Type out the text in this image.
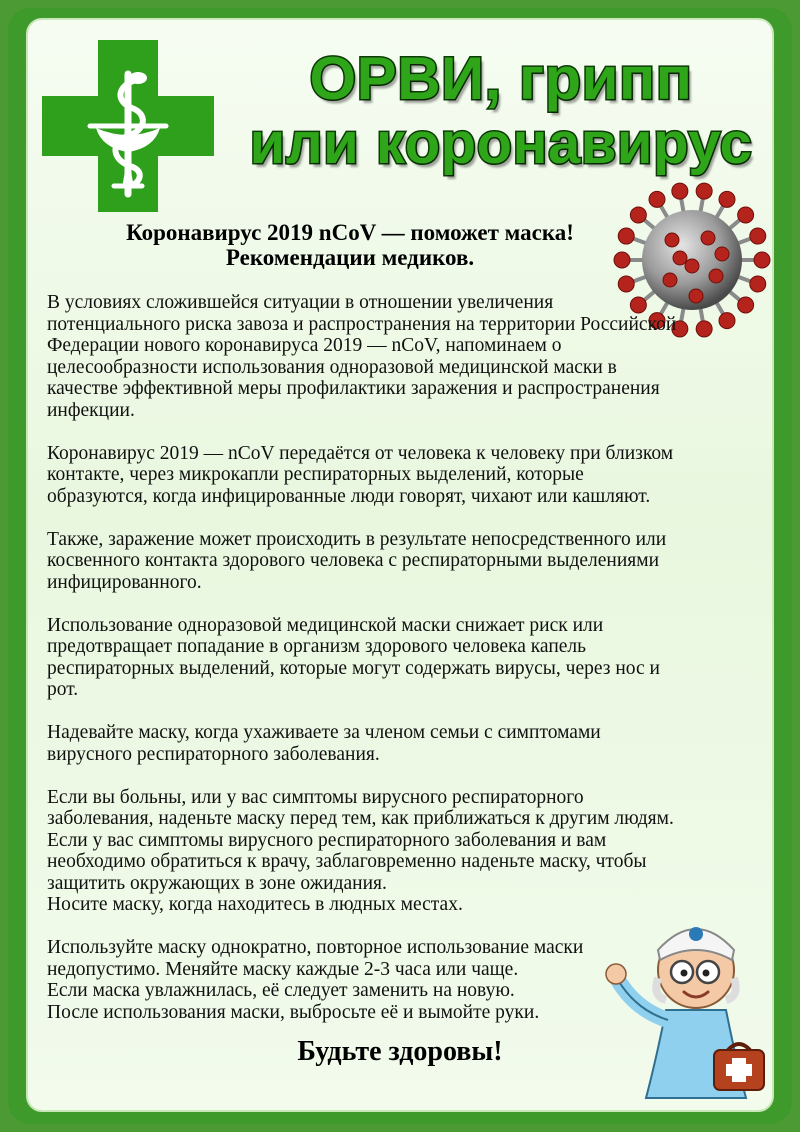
ОРВИ, грипп
или коронавирус
Коронавирус 2019 nCoV — поможет маска!
Рекомендации медиков.
В условиях сложившейся ситуации в отношении увеличения
потенциального риска завоза и распространения на территории Российской
Федерации нового коронавируса 2019 — nCoV, напоминаем о
целесообразности использования одноразовой медицинской маски в
качестве эффективной меры профилактики заражения и распространения
инфекции.
Коронавирус 2019 — nCoV передаётся от человека к человеку при близком
контакте, через микрокапли респираторных выделений, которые
образуются, когда инфицированные люди говорят, чихают или кашляют.
Также, заражение может происходить в результате непосредственного или
косвенного контакта здорового человека с респираторными выделениями
инфицированного.
Использование одноразовой медицинской маски снижает риск или
предотвращает попадание в организм здорового человека капель
респираторных выделений, которые могут содержать вирусы, через нос и
рот.
Надевайте маску, когда ухаживаете за членом семьи с симптомами
вирусного респираторного заболевания.
Если вы больны, или у вас симптомы вирусного респираторного
заболевания, наденьте маску перед тем, как приближаться к другим людям.
Если у вас симптомы вирусного респираторного заболевания и вам
необходимо обратиться к врачу, заблаговременно наденьте маску, чтобы
защитить окружающих в зоне ожидания.
Носите маску, когда находитесь в людных местах.
Используйте маску однократно, повторное использование маски
недопустимо. Меняйте маску каждые 2-3 часа или чаще.
Если маска увлажнилась, её следует заменить на новую.
После использования маски, выбросьте её и вымойте руки.
Будьте здоровы!
